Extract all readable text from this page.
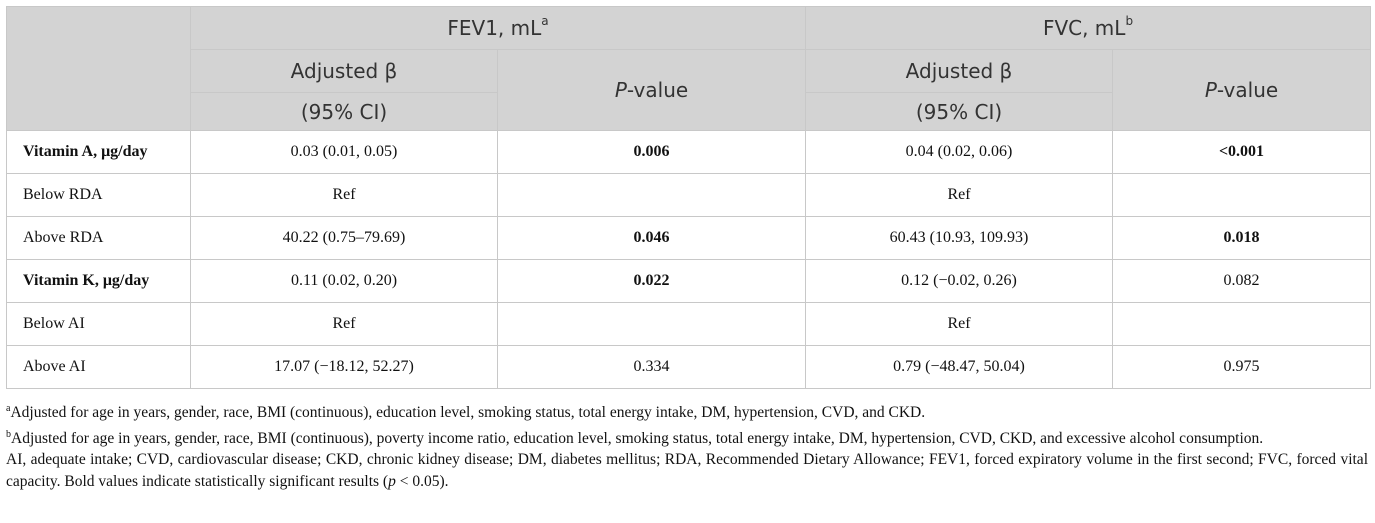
	FEV1, $mL^a$		FVC, $mL^b$
	Adjusted β	P-value	Adjusted β	P-value
	(95% CI)		(95% CI)	
Vitamin A, μg/day	0.03 (0.01, 0.05)	0.006	0.04 (0.02, 0.06)	<0.001
Below RDA	Ref		Ref	
Above RDA	40.22 (0.75–79.69)	0.046	60.43 (10.93, 109.93)	0.018
Vitamin K, μg/day	0.11 (0.02, 0.20)	0.022	0.12 (−0.02, 0.26)	0.082
Below AI	Ref		Ref	
Above AI	17.07 (−18.12, 52.27)	0.334	0.79 (−48.47, 50.04)	0.975

$^a$Adjusted for age in years, gender, race, BMI (continuous), education level, smoking status, total energy intake, DM, hypertension, CVD, and CKD.

$^b$Adjusted for age in years, gender, race, BMI (continuous), poverty income ratio, education level, smoking status, total energy intake, DM, hypertension, CVD, CKD, and excessive alcohol consumption.

AI, adequate intake; CVD, cardiovascular disease; CKD, chronic kidney disease; DM, diabetes mellitus; RDA, Recommended Dietary Allowance; FEV1, forced expiratory volume in the first second; FVC, forced vital capacity. Bold values indicate statistically significant results (p < 0.05).
